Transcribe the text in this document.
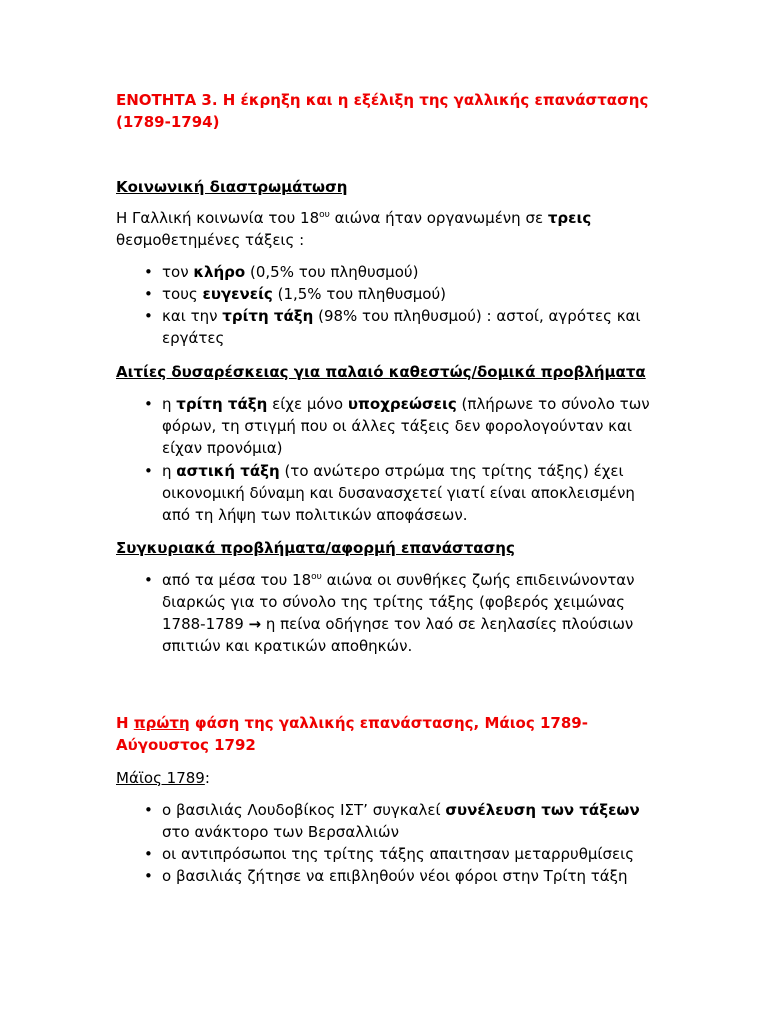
ΕΝΟΤΗΤΑ 3. Η έκρηξη και η εξέλιξη της γαλλικής επανάστασης (1789-1794)

Κοινωνική διαστρωμάτωση

Η Γαλλική κοινωνία του $18^{o\upsilon}$ αιώνα ήταν οργανωμένη σε τρεις θεσμοθετημένες τάξεις :

• τον κλήρο (0,5% του πληθυσμού)
• τους ευγενείς (1,5% του πληθυσμού)
• και την τρίτη τάξη (98% του πληθυσμού) : αστοί, αγρότες και εργάτες

Αιτίες δυσαρέσκειας για παλαιό καθεστώς/δομικά προβλήματα

• η τρίτη τάξη είχε μόνο υποχρεώσεις (πλήρωνε το σύνολο των φόρων, τη στιγμή που οι άλλες τάξεις δεν φορολογούνταν και είχαν προνόμια)
• η αστική τάξη (το ανώτερο στρώμα της τρίτης τάξης) έχει οικονομική δύναμη και δυσανασχετεί γιατί είναι αποκλεισμένη από τη λήψη των πολιτικών αποφάσεων.

Συγκυριακά προβλήματα/αφορμή επανάστασης

• από τα μέσα του $18^{o\upsilon}$ αιώνα οι συνθήκες ζωής επιδεινώνονταν διαρκώς για το σύνολο της τρίτης τάξης (φοβερός χειμώνας 1788-1789 → η πείνα οδήγησε τον λαό σε λεηλασίες πλούσιων σπιτιών και κρατικών αποθηκών.

Η πρώτη φάση της γαλλικής επανάστασης, Μάιος 1789-Αύγουστος 1792

Μάϊος 1789:

• ο βασιλιάς Λουδοβίκος ΙΣΤ’ συγκαλεί συνέλευση των τάξεων στο ανάκτορο των Βερσαλλιών
• οι αντιπρόσωποι της τρίτης τάξης απαιτησαν μεταρρυθμίσεις
• ο βασιλιάς ζήτησε να επιβληθούν νέοι φόροι στην Τρίτη τάξη
